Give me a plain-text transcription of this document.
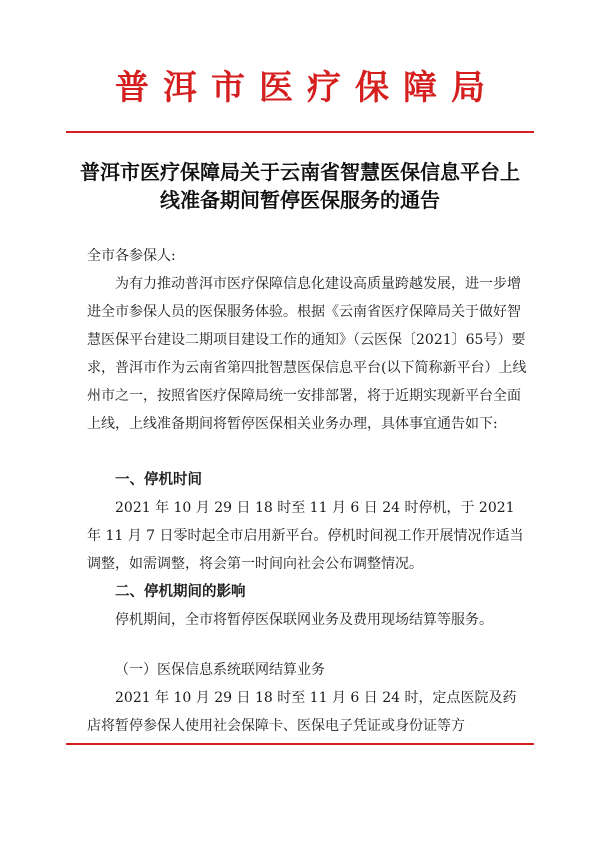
普洱市医疗保障局
普洱市医疗保障局关于云南省智慧医保信息平台上线准备期间暂停医保服务的通告

全市各参保人:

为有力推动普洱市医疗保障信息化建设高质量跨越发展，进一步增进全市参保人员的医保服务体验。根据《云南省医疗保障局关于做好智慧医保平台建设二期项目建设工作的通知》（云医保〔2021〕65号）要求，普洱市作为云南省第四批智慧医保信息平台(以下简称新平台）上线州市之一，按照省医疗保障局统一安排部署，将于近期实现新平台全面上线，上线准备期间将暂停医保相关业务办理，具体事宜通告如下:

一、停机时间

2021 年 10 月 29 日 18 时至 11 月 6 日 24 时停机，于 2021 年 11 月 7 日零时起全市启用新平台。停机时间视工作开展情况作适当调整，如需调整，将会第一时间向社会公布调整情况。

二、停机期间的影响

停机期间，全市将暂停医保联网业务及费用现场结算等服务。

（一）医保信息系统联网结算业务

2021 年 10 月 29 日 18 时至 11 月 6 日 24 时，定点医院及药店将暂停参保人使用社会保障卡、医保电子凭证或身份证等方
